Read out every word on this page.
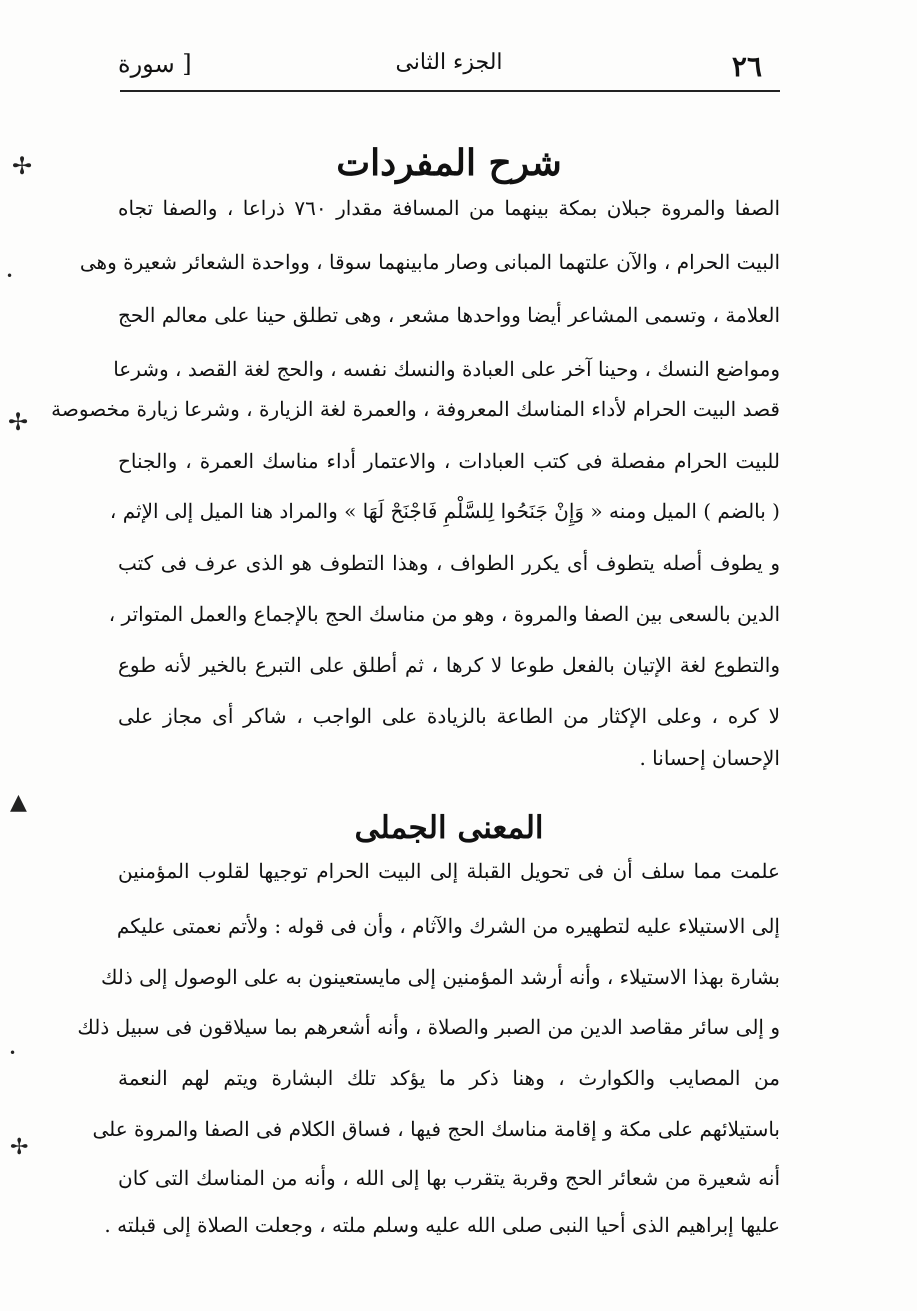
٢٦
الجزء الثانى
[ سورة
شرح المفردات
الصفا والمروة جبلان بمكة بينهما من المسافة مقدار ٧٦٠ ذراعا ، والصفا تجاه
البيت الحرام ، والآن علتهما المبانى وصار مابينهما سوقا ، وواحدة الشعائر شعيرة وهى
العلامة ، وتسمى المشاعر أيضا وواحدها مشعر ، وهى تطلق حينا على معالم الحج
ومواضع النسك ، وحينا آخر على العبادة والنسك نفسه ، والحج لغة القصد ، وشرعا
قصد البيت الحرام لأداء المناسك المعروفة ، والعمرة لغة الزيارة ، وشرعا زيارة مخصوصة
للبيت الحرام مفصلة فى كتب العبادات ، والاعتمار أداء مناسك العمرة ، والجناح
( بالضم ) الميل ومنه « وَإِنْ جَنَحُوا لِلسَّلْمِ فَاجْنَحْ لَهَا » والمراد هنا الميل إلى الإثم ،
و يطوف أصله يتطوف أى يكرر الطواف ، وهذا التطوف هو الذى عرف فى كتب
الدين بالسعى بين الصفا والمروة ، وهو من مناسك الحج بالإجماع والعمل المتواتر ،
والتطوع لغة الإتيان بالفعل طوعا لا كرها ، ثم أطلق على التبرع بالخير لأنه طوع
لا كره ، وعلى الإكثار من الطاعة بالزيادة على الواجب ، شاكر أى مجاز على
الإحسان إحسانا .
المعنى الجملى
علمت مما سلف أن فى تحويل القبلة إلى البيت الحرام توجيها لقلوب المؤمنين
إلى الاستيلاء عليه لتطهيره من الشرك والآثام ، وأن فى قوله : ولأتم نعمتى عليكم
بشارة بهذا الاستيلاء ، وأنه أرشد المؤمنين إلى مايستعينون به على الوصول إلى ذلك
و إلى سائر مقاصد الدين من الصبر والصلاة ، وأنه أشعرهم بما سيلاقون فى سبيل ذلك
من المصايب والكوارث ، وهنا ذكر ما يؤكد تلك البشارة ويتم لهم النعمة
باستيلائهم على مكة و إقامة مناسك الحج فيها ، فساق الكلام فى الصفا والمروة على
أنه شعيرة من شعائر الحج وقربة يتقرب بها إلى الله ، وأنه من المناسك التى كان
عليها إبراهيم الذى أحيا النبى صلى الله عليه وسلم ملته ، وجعلت الصلاة إلى قبلته .
✢
✢
▲
✢
•
•
